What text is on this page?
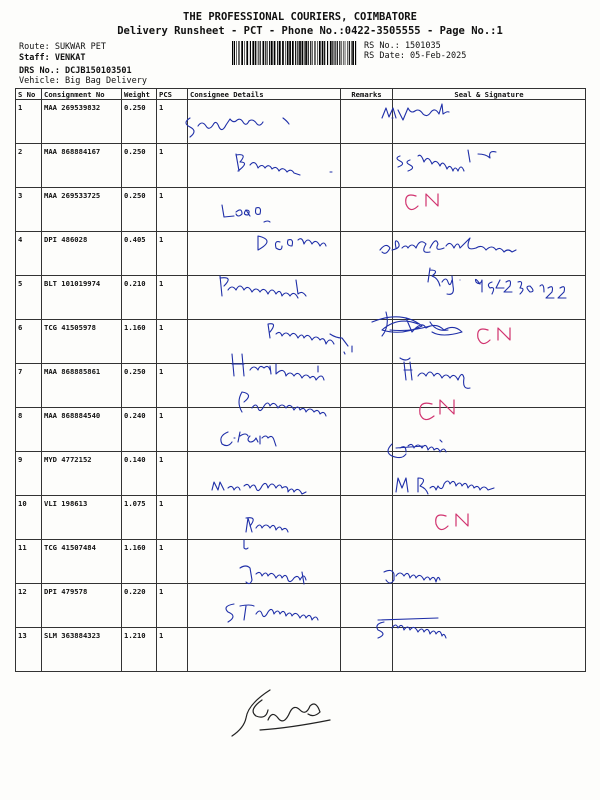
THE PROFESSIONAL COURIERS, COIMBATORE
Delivery Runsheet - PCT - Phone No.:0422-3505555 - Page No.:1
Route: SUKWAR PET
Staff: VENKAT
DRS No.: DCJB150103501
Vehicle: Big Bag Delivery
RS No.: 1501035
RS Date: 05-Feb-2025
S No	Consignment No	Weight	PCS	Consignee Details	Remarks	Seal & Signature
1	MAA 269539832	0.250	1			
2	MAA 868884167	0.250	1			
3	MAA 269533725	0.250	1			
4	DPI 486028	0.405	1			
5	BLT 101019974	0.210	1			
6	TCG 41505978	1.160	1			
7	MAA 868885861	0.250	1			
8	MAA 868884540	0.240	1			
9	MYD 4772152	0.140	1			
10	VLI 198613	1.075	1			
11	TCG 41507484	1.160	1			
12	DPI 479578	0.220	1			
13	SLM 363884323	1.210	1			
